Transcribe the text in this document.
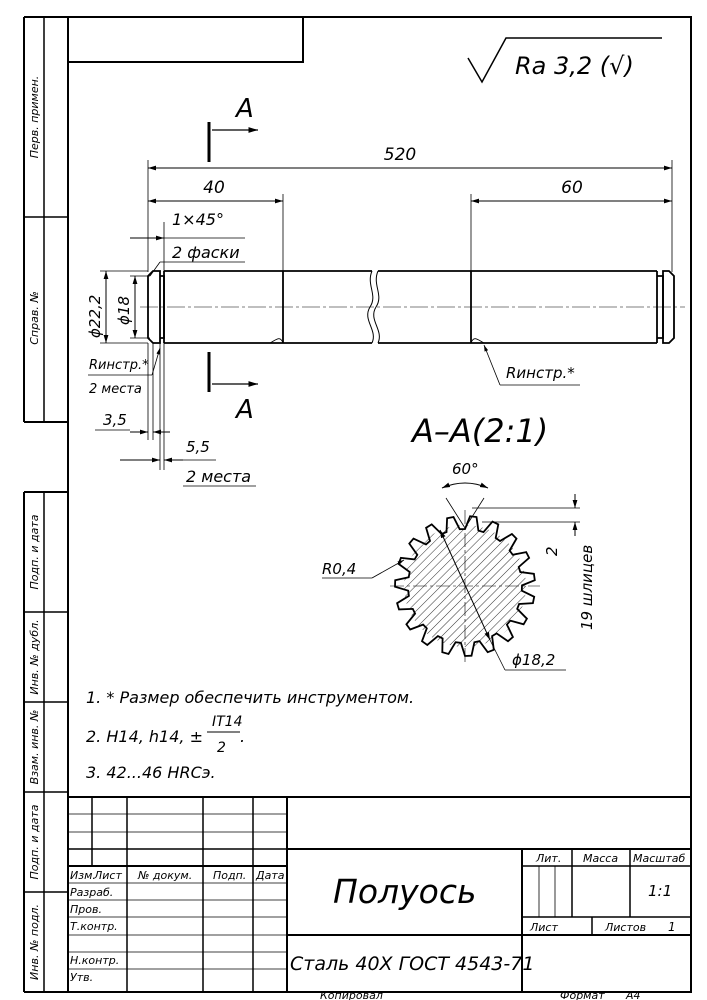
Перв. примен.
Справ. №
Подп. и дата
Инв. № дубл.
Взам. инв. №
Подп. и дата
Инв. № подл.
Ra 3,2 (√)
A
A
520
40	60
1×45°
2 фаски
ϕ22,2 ϕ18
Rинстр.*
2 места
3,5
5,5
2 места
Rинстр.*
А–А(2:1)
60°
2 19 шлицев
R0,4
ϕ18,2
1. * Размер обеспечить инструментом.
2. H14, h14, ±
IT14
2
.
3. 42...46 HRCэ.
Изм.
Лист № докум. Подп. Дата
Разраб.
Пров.
Т.контр.
Н.контр.
Утв.
Лит. Масса Масштаб
Лист	Листов 1
1:1
Полуось
Сталь 40Х ГОСТ 4543-71
Копировал	Формат А4
